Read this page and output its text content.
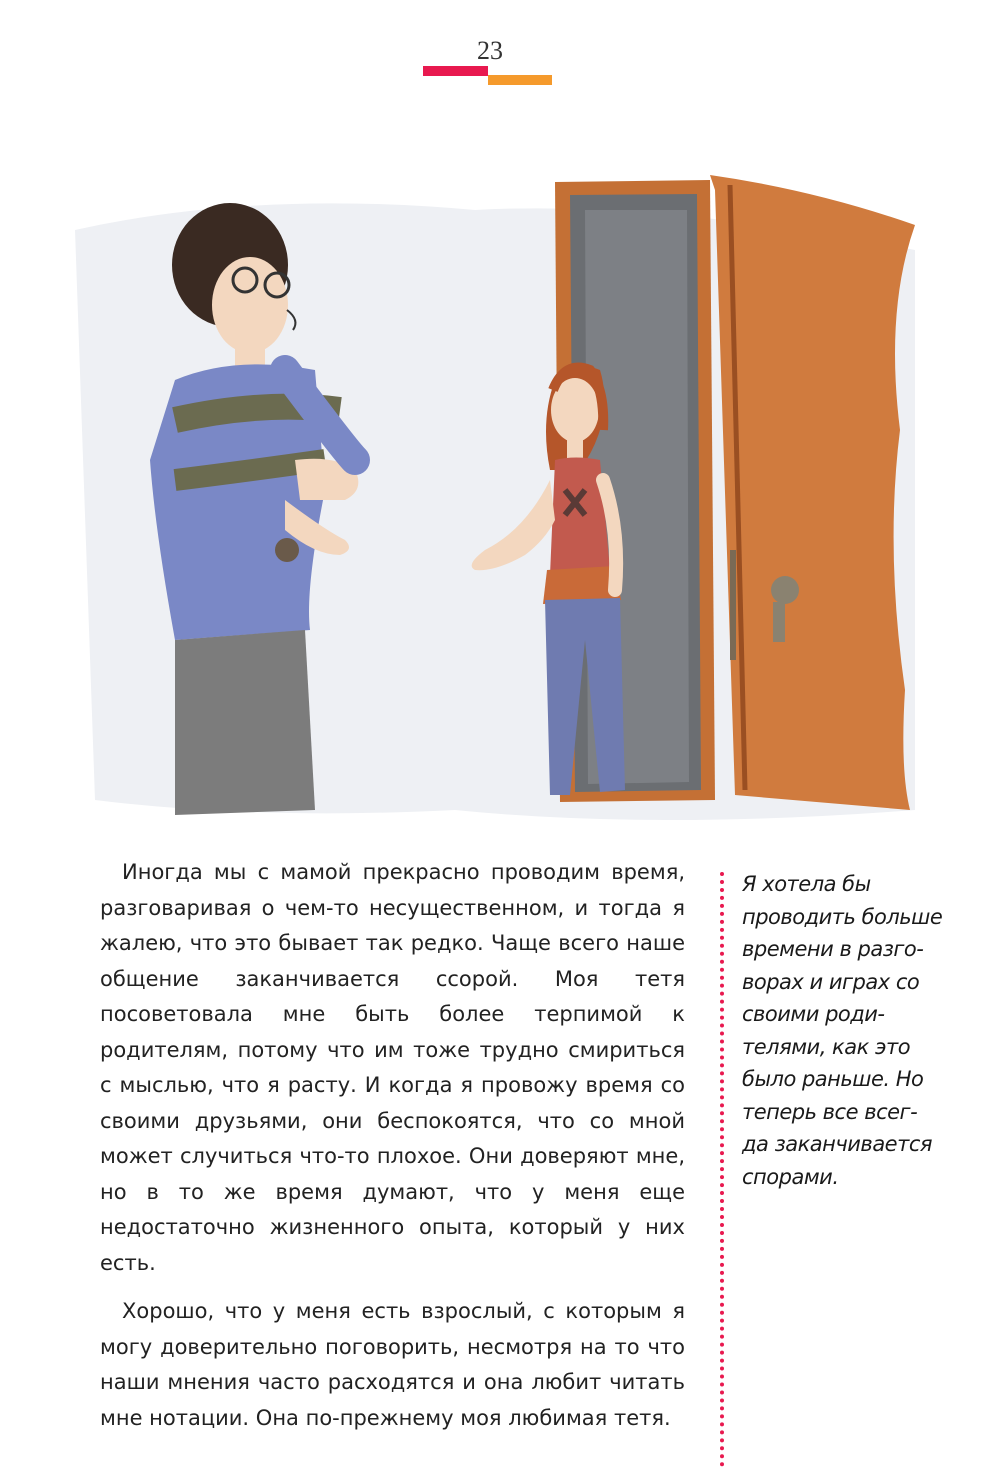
23

Иногда мы с мамой прекрасно проводим время, разговаривая о чем-то несущественном, и тогда я жалею, что это бывает так редко. Чаще всего наше общение заканчивается ссорой. Моя тетя посоветовала мне быть более терпимой к родителям, потому что им тоже трудно смириться с мыслью, что я расту. И когда я провожу время со своими друзьями, они беспокоятся, что со мной может случиться что-то плохое. Они доверяют мне, но в то же время думают, что у меня еще недостаточно жизненного опыта, который у них есть.

Хорошо, что у меня есть взрослый, с которым я могу доверительно поговорить, несмотря на то что наши мнения часто расходятся и она любит читать мне нотации. Она по-прежнему моя любимая тетя.

Я хотела бы
проводить больше
времени в разго-
ворах и играх со
своими роди-
телями, как это
было раньше. Но
теперь все всег-
да заканчивается
спорами.
